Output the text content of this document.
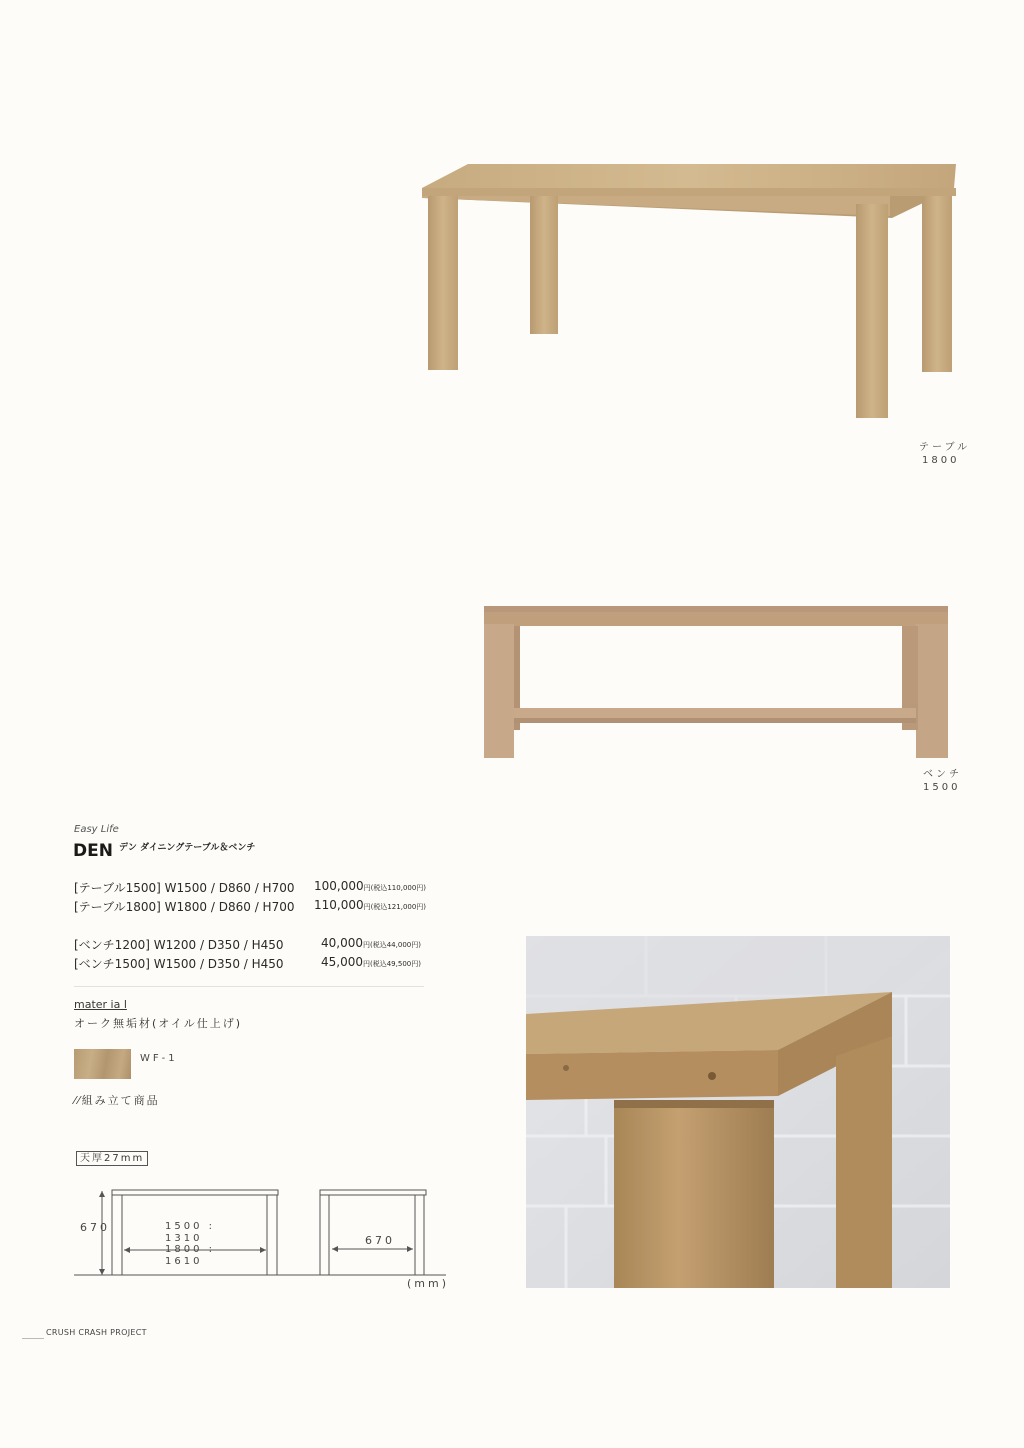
テーブル
1800
ベンチ
1500
Easy Life
DEN デン ダイニングテーブル＆ベンチ
[テーブル1500] W1500 / D860 / H700 100,000円(税込110,000円)
[テーブル1800] W1800 / D860 / H700 110,000円(税込121,000円)
[ベンチ1200] W1200 / D350 / H450	40,000円(税込44,000円)
[ベンチ1500] W1500 / D350 / H450	45,000円(税込49,500円)
mater ia l
オーク無垢材(オイル仕上げ)
WF-1
⁄⁄組み立て商品
天厚27mm
670	1500 :
1310
1800 :
1610
670
(mm)
CRUSH CRASH PROJECT
